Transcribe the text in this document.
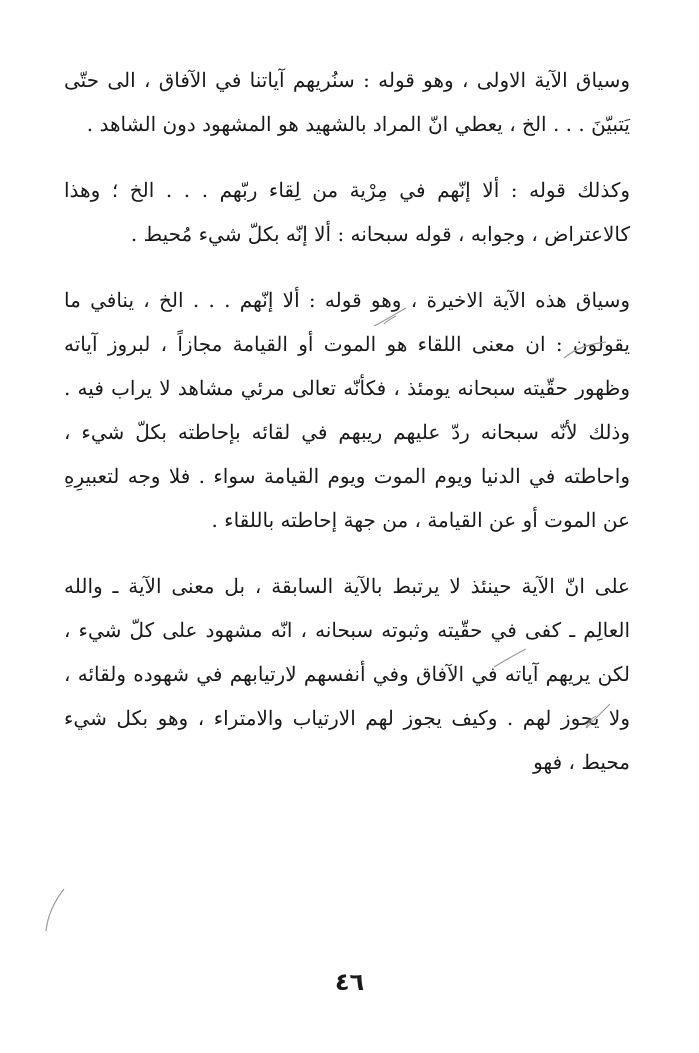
وسياق الآية الاولى ، وهو قوله : سنُريهم آياتنا في الآفاق ، الى حتّى يَتبيّنَ . . . الخ ، يعطي انّ المراد بالشهيد هو المشهود دون الشاهد .

وكذلك قوله : ألا إنّهم في مِرْية من لِقاء ربّهم . . . الخ ؛ وهذا كالاعتراض ، وجوابه ، قوله سبحانه : ألا إنّه بكلّ شيء مُحيط .

وسياق هذه الآية الاخيرة ، وهو قوله : ألا إنّهم . . . الخ ، ينافي ما يقولون : ان معنى اللقاء هو الموت أو القيامة مجازاً ، لبروز آياته وظهور حقّيته سبحانه يومئذ ، فكأنّه تعالى مرئي مشاهد لا يراب فيه . وذلك لأنّه سبحانه ردّ عليهم ريبهم في لقائه بإحاطته بكلّ شيء ، واحاطته في الدنيا ويوم الموت ويوم القيامة سواء . فلا وجه لتعبيرِهِ عن الموت أو عن القيامة ، من جهة إحاطته باللقاء .

على انّ الآية حينئذ لا يرتبط بالآية السابقة ، بل معنى الآية ـ والله العالِم ـ كفى في حقّيته وثبوته سبحانه ، انّه مشهود على كلّ شيء ، لكن يريهم آياته في الآفاق وفي أنفسهم لارتيابهم في شهوده ولقائه ، ولا يجوز لهم . وكيف يجوز لهم الارتياب والامتراء ، وهو بكل شيء محيط ، فهو

٤٦
